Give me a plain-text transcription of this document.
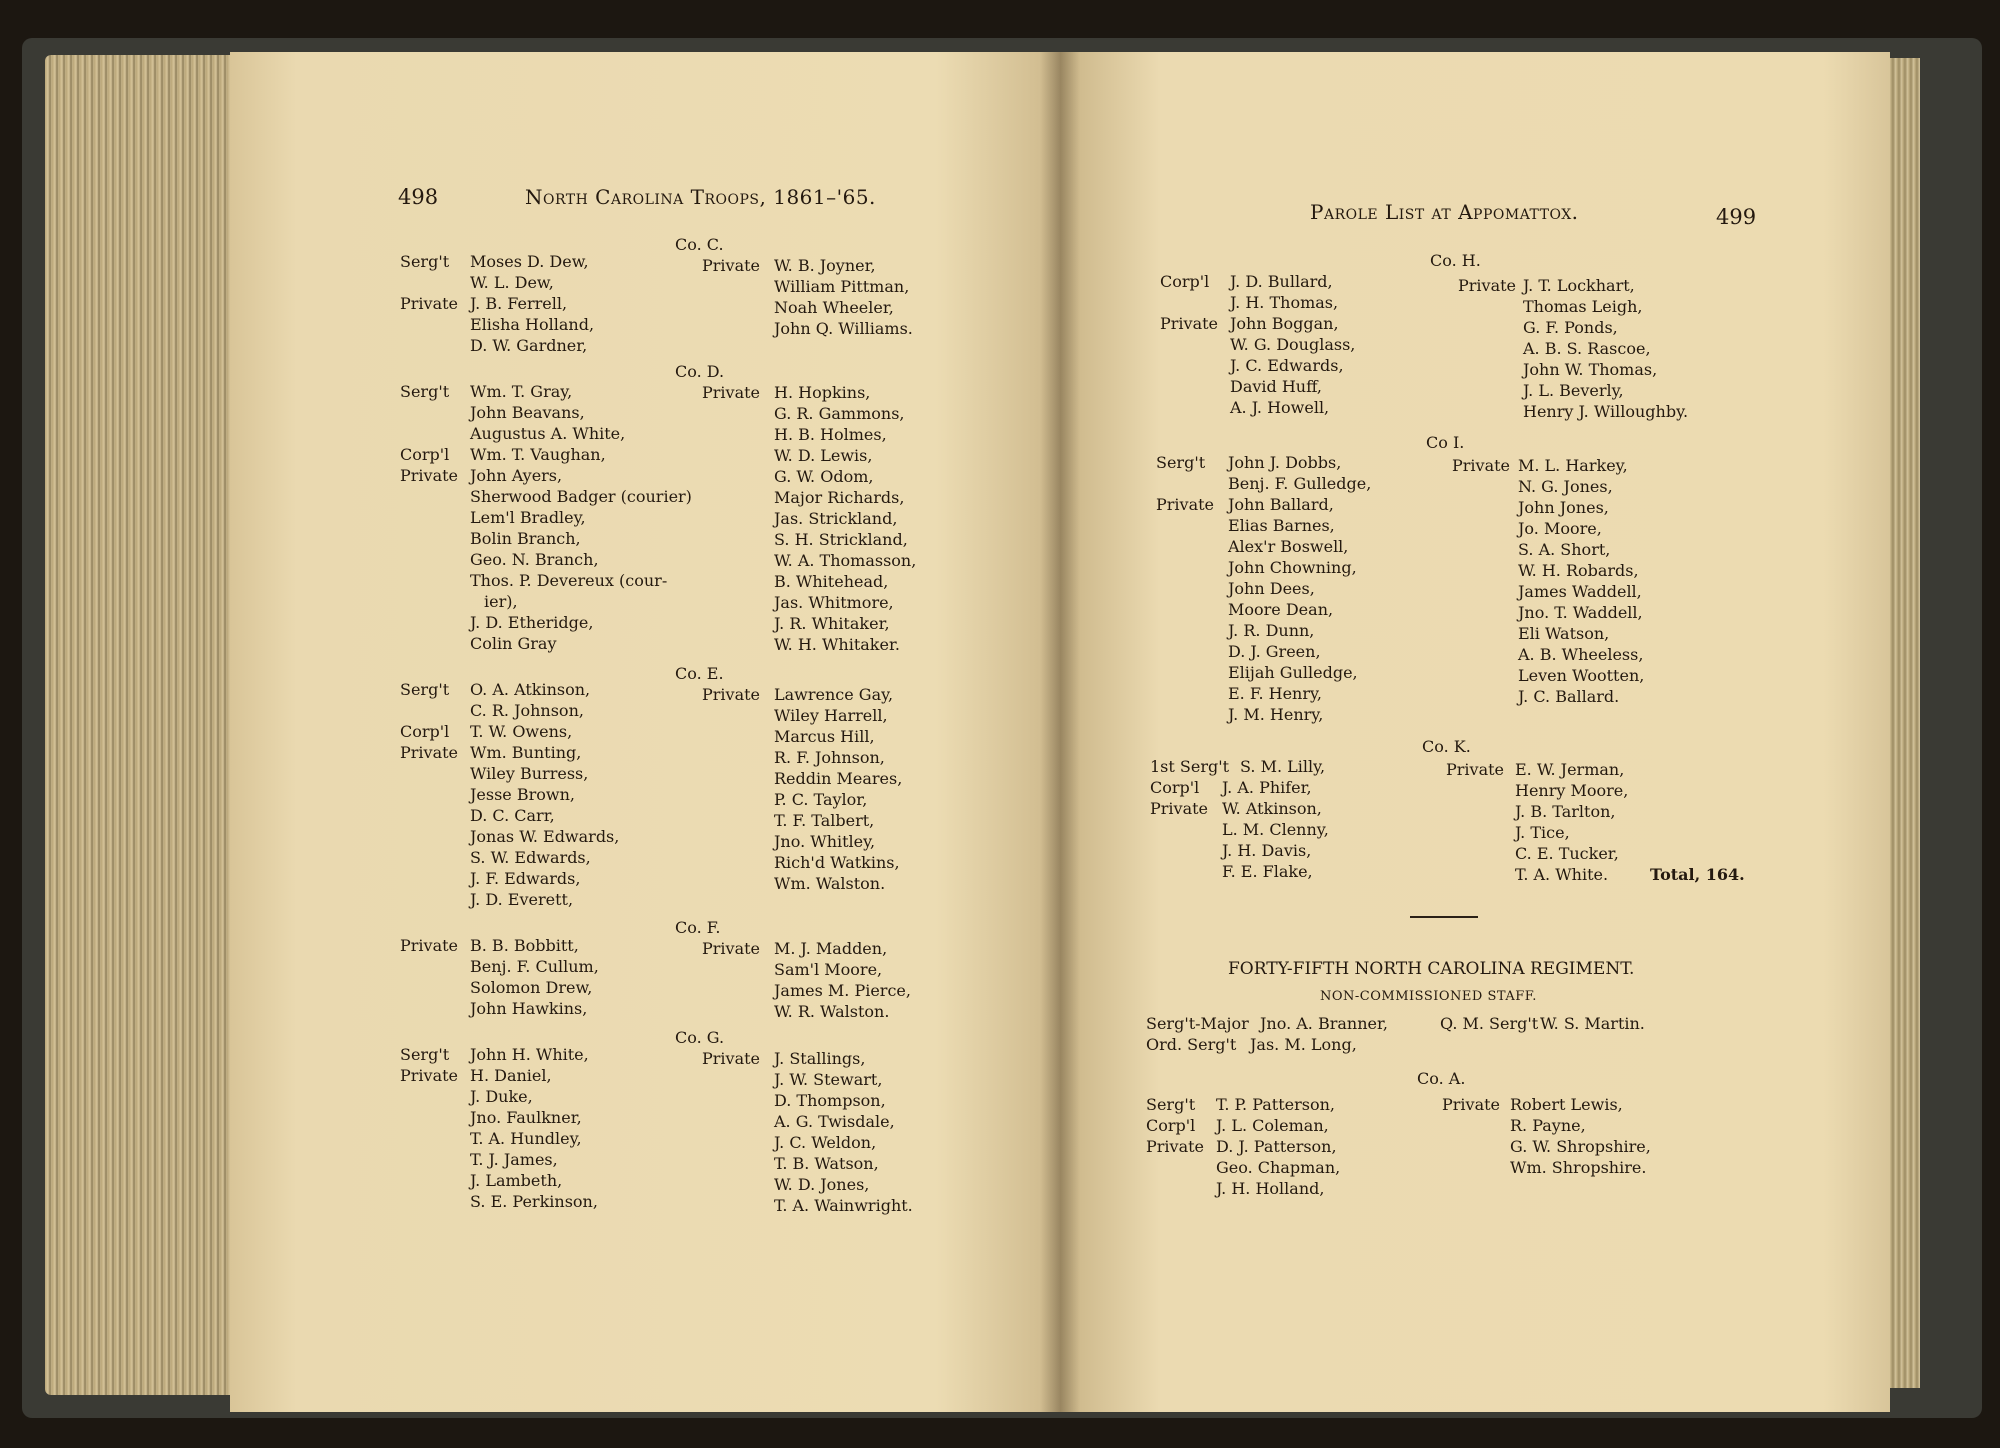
498	North Carolina Troops, 1861–'65.
Serg't Moses D. Dew,
W. L. Dew,
Private J. B. Ferrell,
Elisha Holland,
D. W. Gardner,
Serg't Wm. T. Gray,
John Beavans,
Augustus A. White,
Corp'l Wm. T. Vaughan,
Private John Ayers,
Sherwood Badger (courier)
Lem'l Bradley,
Bolin Branch,
Geo. N. Branch,
Thos. P. Devereux (cour-
ier),
J. D. Etheridge,
Colin Gray
Serg't O. A. Atkinson,
C. R. Johnson,
Corp'l T. W. Owens,
Private Wm. Bunting,
Wiley Burress,
Jesse Brown,
D. C. Carr,
Jonas W. Edwards,
S. W. Edwards,
J. F. Edwards,
J. D. Everett,
Private B. B. Bobbitt,
Benj. F. Cullum,
Solomon Drew,
John Hawkins,
Serg't John H. White,
Private H. Daniel,
J. Duke,
Jno. Faulkner,
T. A. Hundley,
T. J. James,
J. Lambeth,
S. E. Perkinson,
Co. C.
Private W. B. Joyner,
William Pittman,
Noah Wheeler,
John Q. Williams.
Co. D.
Private H. Hopkins,
G. R. Gammons,
H. B. Holmes,
W. D. Lewis,
G. W. Odom,
Major Richards,
Jas. Strickland,
S. H. Strickland,
W. A. Thomasson,
B. Whitehead,
Jas. Whitmore,
J. R. Whitaker,
W. H. Whitaker.
Co. E.
Private Lawrence Gay,
Wiley Harrell,
Marcus Hill,
R. F. Johnson,
Reddin Meares,
P. C. Taylor,
T. F. Talbert,
Jno. Whitley,
Rich'd Watkins,
Wm. Walston.
Co. F.
Private M. J. Madden,
Sam'l Moore,
James M. Pierce,
W. R. Walston.
Co. G.
Private J. Stallings,
J. W. Stewart,
D. Thompson,
A. G. Twisdale,
J. C. Weldon,
T. B. Watson,
W. D. Jones,
T. A. Wainwright.
Parole List at Appomattox.	499
Corp'l J. D. Bullard,
J. H. Thomas,
Private John Boggan,
W. G. Douglass,
J. C. Edwards,
David Huff,
A. J. Howell,
Serg't John J. Dobbs,
Benj. F. Gulledge,
Private John Ballard,
Elias Barnes,
Alex'r Boswell,
John Chowning,
John Dees,
Moore Dean,
J. R. Dunn,
D. J. Green,
Elijah Gulledge,
E. F. Henry,
J. M. Henry,
1st Serg't S. M. Lilly,
Corp'l J. A. Phifer,
Private W. Atkinson,
L. M. Clenny,
J. H. Davis,
F. E. Flake,
Co. H.
Private J. T. Lockhart,
Thomas Leigh,
G. F. Ponds,
A. B. S. Rascoe,
John W. Thomas,
J. L. Beverly,
Henry J. Willoughby.
Co I.
Private M. L. Harkey,
N. G. Jones,
John Jones,
Jo. Moore,
S. A. Short,
W. H. Robards,
James Waddell,
Jno. T. Waddell,
Eli Watson,
A. B. Wheeless,
Leven Wootten,
J. C. Ballard.
Co. K.
Private E. W. Jerman,
Henry Moore,
J. B. Tarlton,
J. Tice,
C. E. Tucker,
T. A. White.	Total, 164.
FORTY-FIFTH NORTH CAROLINA REGIMENT.
NON-COMMISSIONED STAFF.
Serg't-Major Jno. A. Branner,	Q. M. Serg't W. S. Martin.
Ord. Serg't Jas. M. Long,
Co. A.
Serg't T. P. Patterson,
Corp'l J. L. Coleman,
Private D. J. Patterson,
Geo. Chapman,
J. H. Holland,
Private Robert Lewis,
R. Payne,
G. W. Shropshire,
Wm. Shropshire.
